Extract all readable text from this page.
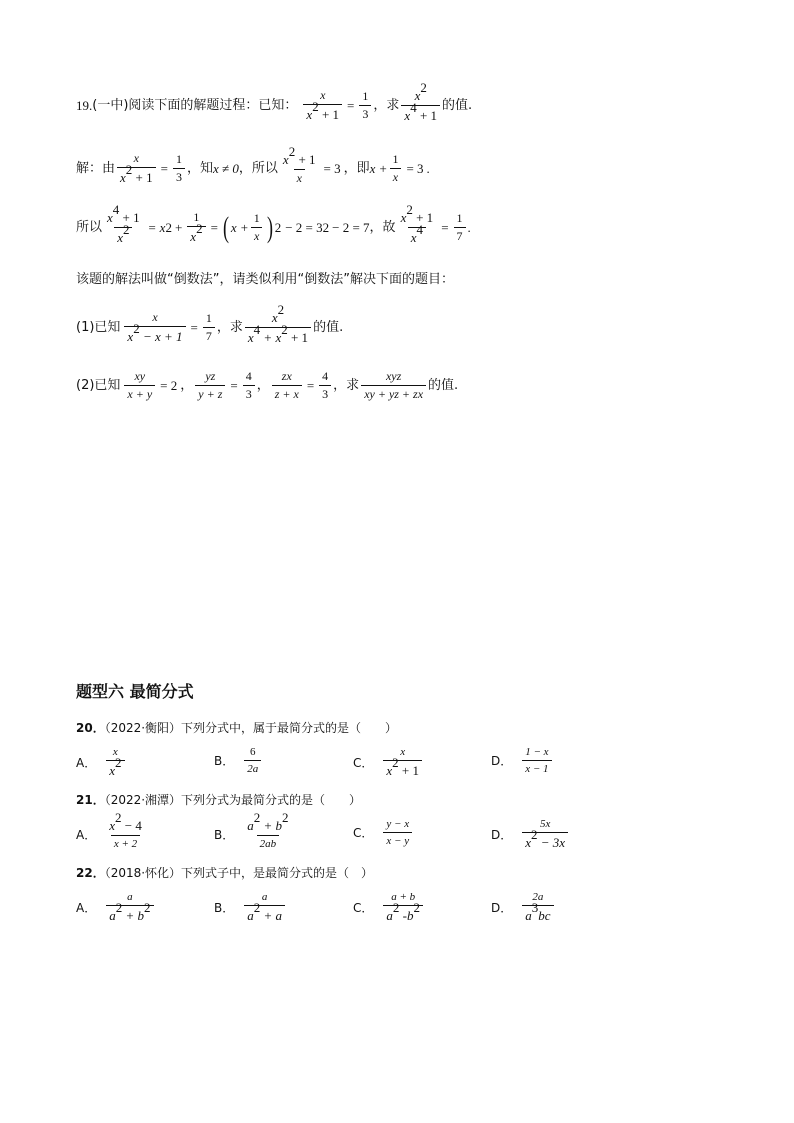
19. (一中) 阅读下面的解题过程：已知： $\frac{x}{x^2 + 1} = \frac{1}{3}$ ，求 $\frac{x^2}{x^4 + 1}$ 的值.
解：由 $\frac{x}{x^2 + 1} = \frac{1}{3}$ ，知 x ≠ 0 ，所以 $\frac{x^2 + 1}{x} = 3$ ，即 $x + \frac{1}{x} = 3$ .
所以 $\frac{x^4 + 1}{x^2} = x$ $2 + \frac{1}{x^2}$ = ( $x + \frac{1}{x}$ ) 2 − 2 = 3 2 − 2 = 7 ，故 $\frac{x^2 + 1}{x^4} = \frac{1}{7}$ .
该题的解法叫做“倒数法”，请类似利用“倒数法”解决下面的题目：
(1)已知 $\frac{x}{x^2 - x + 1} = \frac{1}{7}$ ，求 $\frac{x^2}{x^4 + x^2 + 1}$ 的值.
(2)已知 $\frac{xy}{x + y} = 2$ ， $\frac{yz}{y + z} = \frac{4}{3}$ ， $\frac{zx}{z + x} = \frac{4}{3}$ ，求 $\frac{\text{xyz}}{xy + yz + zx}$ 的值.
题型六 最简分式
20．（2022·衡阳）下列分式中，属于最简分式的是（　　）
A． $\frac{x}{x^2}$	B． $\frac{6}{2a}$	C． $\frac{x}{x^2 + 1}$	D． $\frac{1 - x}{x - 1}$
21．（2022·湘潭）下列分式为最简分式的是（　　）
A． $\frac{x^2 - 4}{x + 2}$	B． $\frac{a^2 + b^2}{2ab}$	C． $\frac{y - x}{x - y}$	D． $\frac{5x}{x^2 - 3x}$
22．（2018·怀化）下列式子中，是最简分式的是（　）
A． $\frac{a}{a^2 + b^2}$	B． $\frac{a}{a^2 + a}$	C． $\frac{a + b}{a^2 -b^2}$	D． $\frac{2a}{a^3bc}$
